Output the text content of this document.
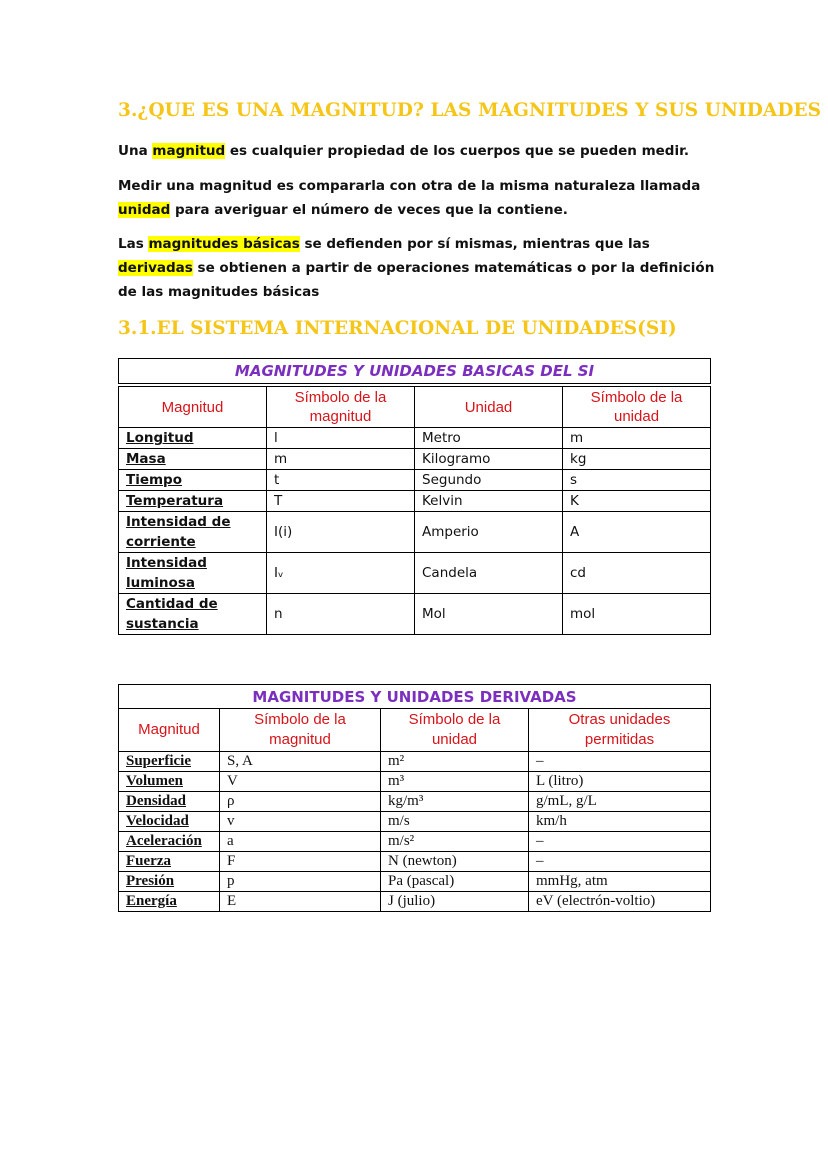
3.¿QUE ES UNA MAGNITUD? LAS MAGNITUDES Y SUS UNIDADES

Una magnitud es cualquier propiedad de los cuerpos que se pueden medir.

Medir una magnitud es compararla con otra de la misma naturaleza llamada unidad para averiguar el número de veces que la contiene.

Las magnitudes básicas se defienden por sí mismas, mientras que las derivadas se obtienen a partir de operaciones matemáticas o por la definición de las magnitudes básicas

3.1.EL SISTEMA INTERNACIONAL DE UNIDADES(SI)
MAGNITUDES Y UNIDADES BASICAS DEL SI			

Magnitud	Símbolo de la magnitud	Unidad	Símbolo de la unidad
Longitud	l	Metro	m
Masa	m	Kilogramo	kg
Tiempo	t	Segundo	s
Temperatura	T	Kelvin	K
Intensidad de corriente	I(i)	Amperio	A
Intensidad luminosa	Iᵥ	Candela	cd
Cantidad de sustancia	n	Mol	mol
MAGNITUDES Y UNIDADES DERIVADAS			
Magnitud	Símbolo de la magnitud	Símbolo de la unidad	Otras unidades permitidas
Superficie	S, A	m²	–
Volumen	V	m³	L (litro)
Densidad	ρ	kg/m³	g/mL, g/L
Velocidad	v	m/s	km/h
Aceleración	a	m/s²	–
Fuerza	F	N (newton)	–
Presión	p	Pa (pascal)	mmHg, atm
Energía	E	J (julio)	eV (electrón-voltio)
